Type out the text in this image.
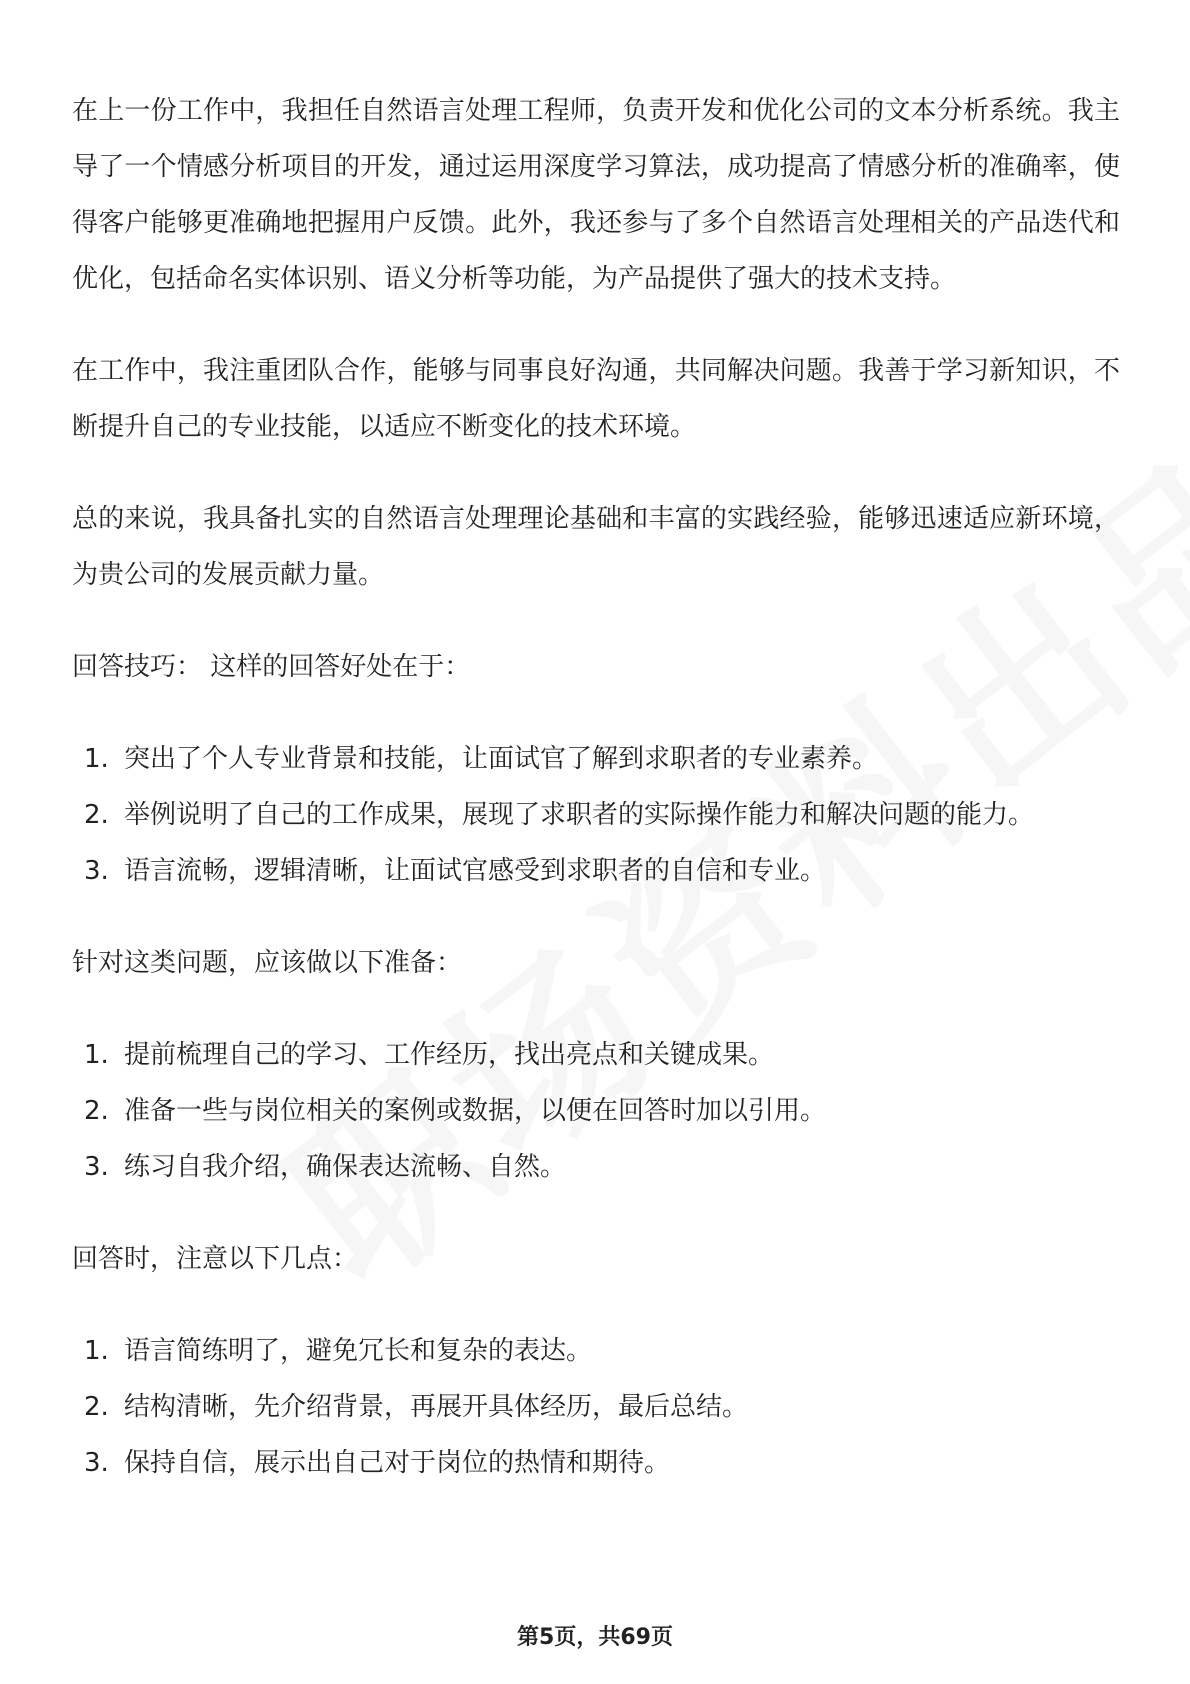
在上一份工作中，我担任自然语言处理工程师，负责开发和优化公司的文本分析系统。我主导了一个情感分析项目的开发，通过运用深度学习算法，成功提高了情感分析的准确率，使得客户能够更准确地把握用户反馈。此外，我还参与了多个自然语言处理相关的产品迭代和优化，包括命名实体识别、语义分析等功能，为产品提供了强大的技术支持。

在工作中，我注重团队合作，能够与同事良好沟通，共同解决问题。我善于学习新知识，不断提升自己的专业技能，以适应不断变化的技术环境。

总的来说，我具备扎实的自然语言处理理论基础和丰富的实践经验，能够迅速适应新环境，为贵公司的发展贡献力量。

回答技巧： 这样的回答好处在于：

1. 突出了个人专业背景和技能，让面试官了解到求职者的专业素养。
2. 举例说明了自己的工作成果，展现了求职者的实际操作能力和解决问题的能力。
3. 语言流畅，逻辑清晰，让面试官感受到求职者的自信和专业。

针对这类问题，应该做以下准备：

1. 提前梳理自己的学习、工作经历，找出亮点和关键成果。
2. 准备一些与岗位相关的案例或数据，以便在回答时加以引用。
3. 练习自我介绍，确保表达流畅、自然。

回答时，注意以下几点：

1. 语言简练明了，避免冗长和复杂的表达。
2. 结构清晰，先介绍背景，再展开具体经历，最后总结。
3. 保持自信，展示出自己对于岗位的热情和期待。
第5页，共69页
